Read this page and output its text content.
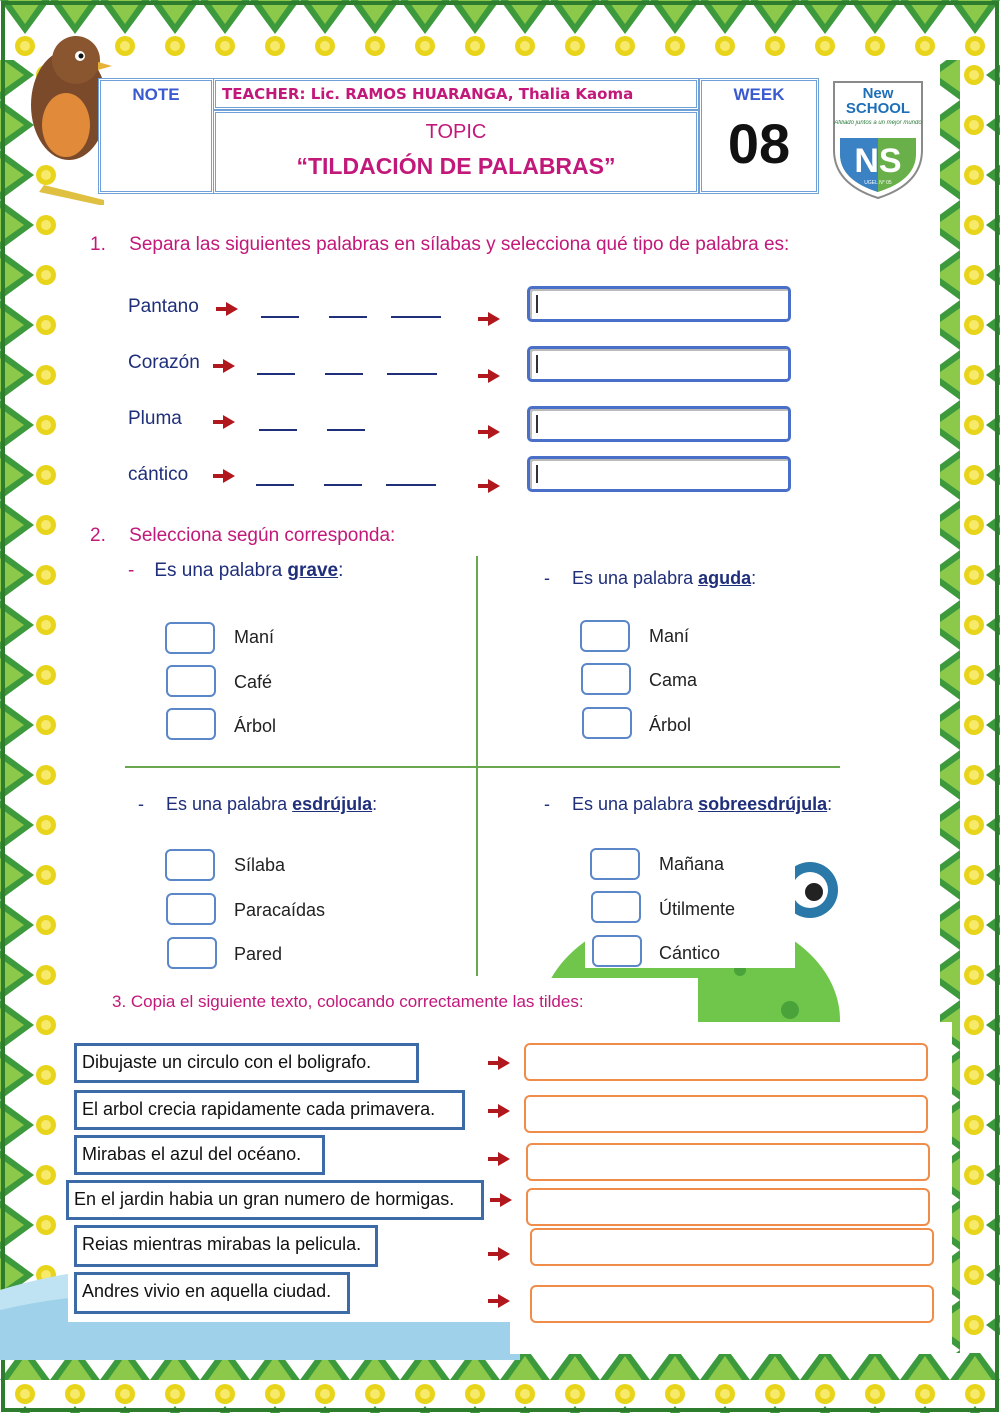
NOTE	TEACHER: Lic. RAMOS HUARANGA, Thalia Kaoma
TOPIC
“TILDACIÓN DE PALABRAS”
WEEK
08
New
SCHOOL
Afiliado juntos a un mejor mundo
NS
UGEL N° 05
1. Separa las siguientes palabras en sílabas y selecciona qué tipo de palabra es:
Pantano
Corazón
Pluma
cántico
2. Selecciona según corresponda:
- Es una palabra grave:
Maní
Café
Árbol
- Es una palabra aguda:
Maní
Cama
Árbol
- Es una palabra esdrújula:
Sílaba
Paracaídas
Pared
- Es una palabra sobreesdrújula:
Mañana
Útilmente
Cántico
3. Copia el siguiente texto, colocando correctamente las tildes:
Dibujaste un circulo con el boligrafo.
El arbol crecia rapidamente cada primavera.
Mirabas el azul del océano.
En el jardin habia un gran numero de hormigas.
Reias mientras mirabas la pelicula.
Andres vivio en aquella ciudad.
